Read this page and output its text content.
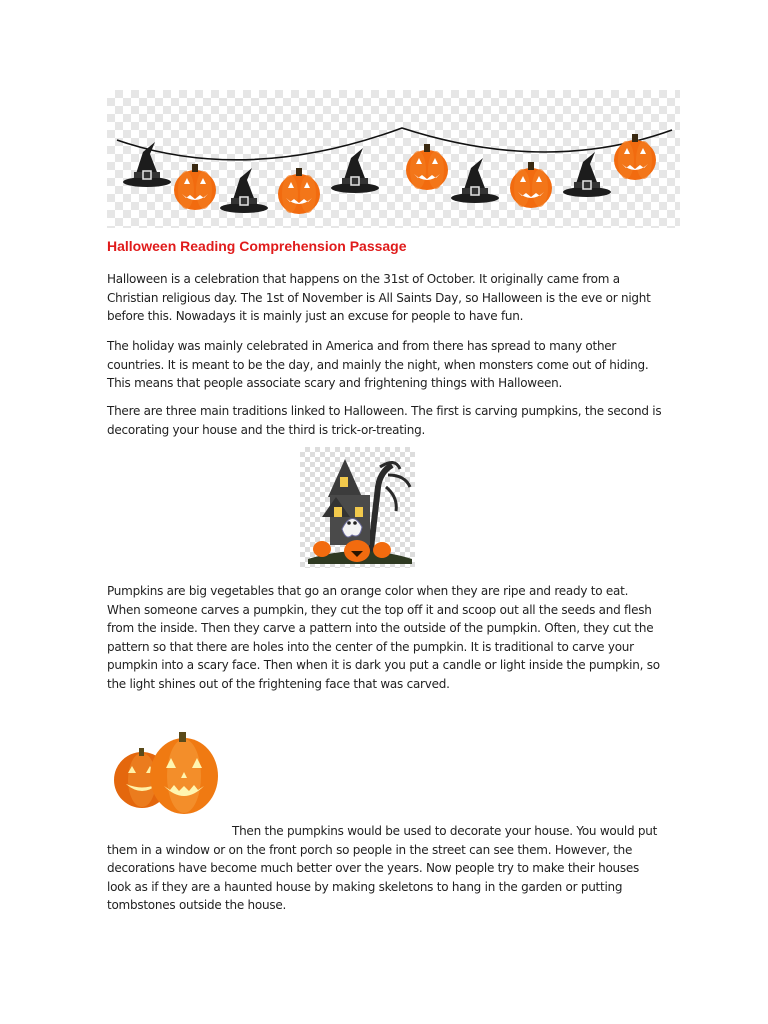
Halloween Reading Comprehension Passage

Halloween is a celebration that happens on the 31st of October. It originally came from a Christian religious day. The 1st of November is All Saints Day, so Halloween is the eve or night before this. Nowadays it is mainly just an excuse for people to have fun.

The holiday was mainly celebrated in America and from there has spread to many other countries. It is meant to be the day, and mainly the night, when monsters come out of hiding. This means that people associate scary and frightening things with Halloween.

There are three main traditions linked to Halloween. The first is carving pumpkins, the second is decorating your house and the third is trick-or-treating.

Pumpkins are big vegetables that go an orange color when they are ripe and ready to eat. When someone carves a pumpkin, they cut the top off it and scoop out all the seeds and flesh from the inside. Then they carve a pattern into the outside of the pumpkin. Often, they cut the pattern so that there are holes into the center of the pumpkin. It is traditional to carve your pumpkin into a scary face. Then when it is dark you put a candle or light inside the pumpkin, so the light shines out of the frightening face that was carved.

Then the pumpkins would be used to decorate your house. You would put them in a window or on the front porch so people in the street can see them. However, the decorations have become much better over the years. Now people try to make their houses look as if they are a haunted house by making skeletons to hang in the garden or putting tombstones outside the house.
